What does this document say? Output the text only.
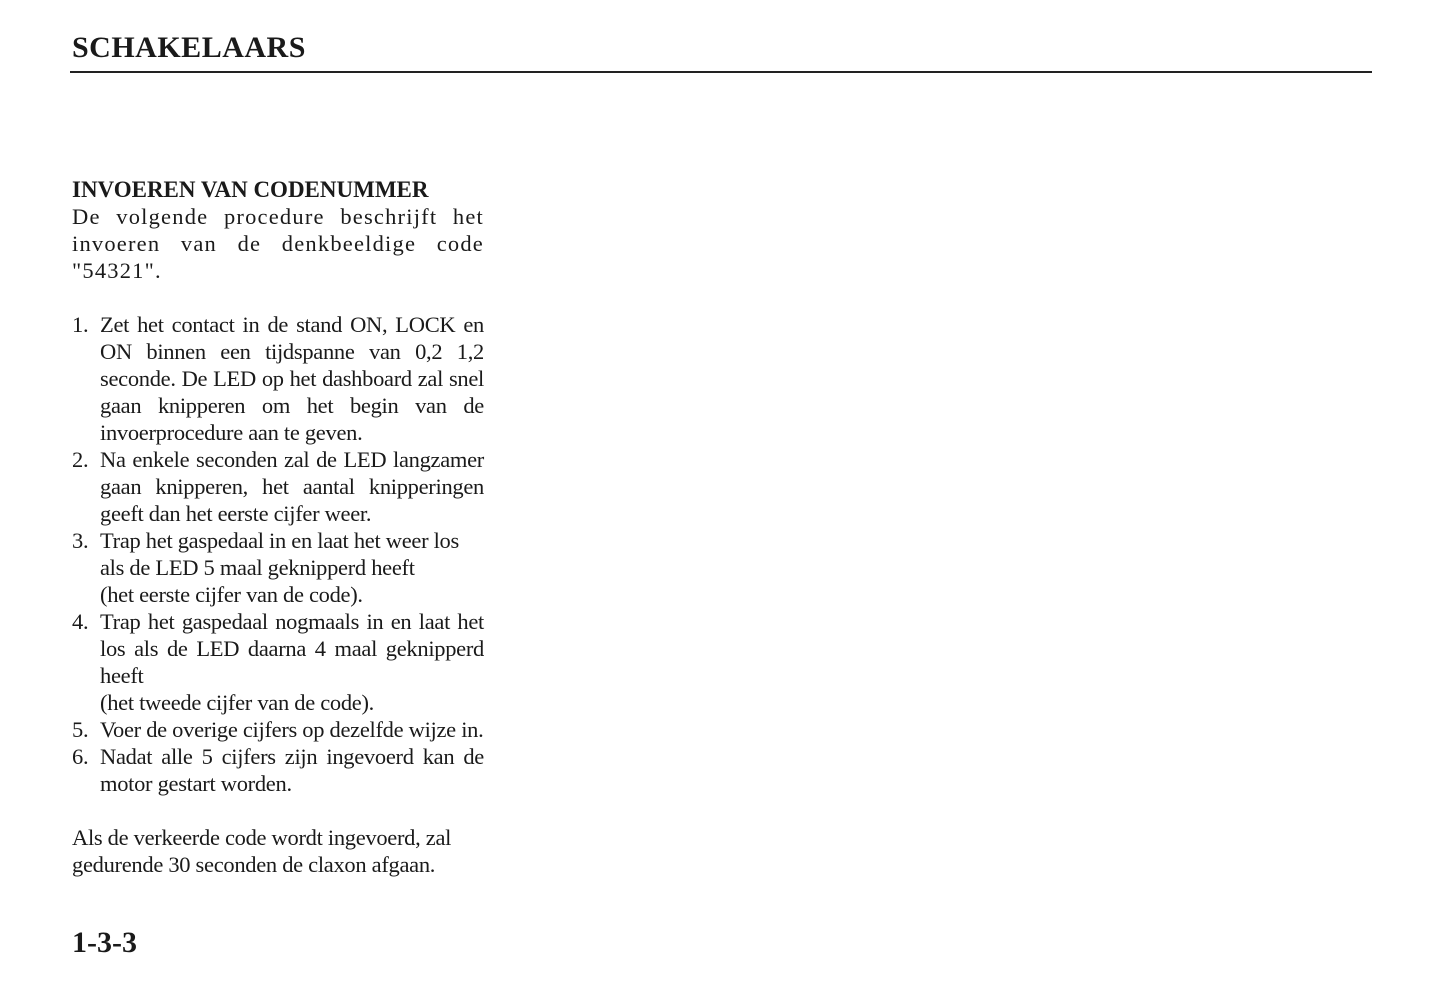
SCHAKELAARS
INVOEREN VAN CODENUMMER

De volgende procedure beschrijft het invoeren van de denkbeeldige code "54321".

1. Zet het contact in de stand ON, LOCK en ON binnen een tijdspanne van 0,2 1,2 seconde. De LED op het dashboard zal snel gaan knipperen om het begin van de invoerprocedure aan te geven.
2. Na enkele seconden zal de LED langzamer gaan knipperen, het aantal knipperingen geeft dan het eerste cijfer weer.
3. Trap het gaspedaal in en laat het weer los als de LED 5 maal geknipperd heeft
(het eerste cijfer van de code).
4. Trap het gaspedaal nogmaals in en laat het los als de LED daarna 4 maal geknipperd heeft
(het tweede cijfer van de code).
5. Voer de overige cijfers op dezelfde wijze in.
6. Nadat alle 5 cijfers zijn ingevoerd kan de motor gestart worden.

Als de verkeerde code wordt ingevoerd, zal gedurende 30 seconden de claxon afgaan.

1-3-3
